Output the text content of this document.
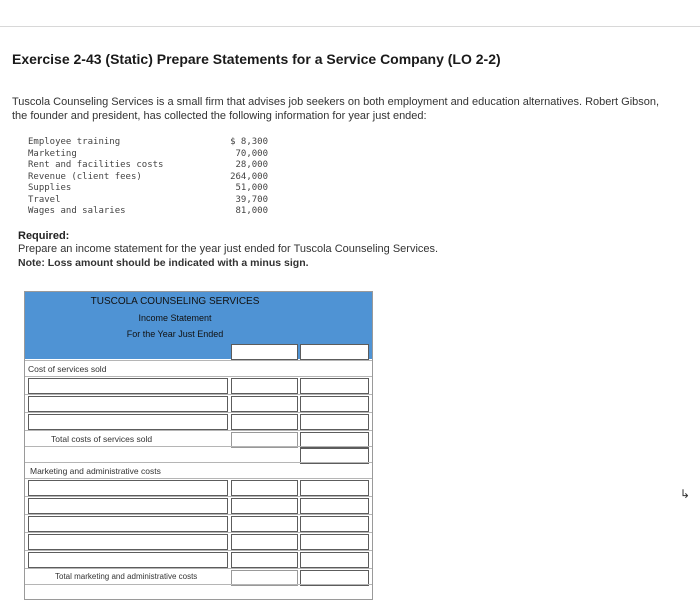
Exercise 2-43 (Static) Prepare Statements for a Service Company (LO 2-2)
Tuscola Counseling Services is a small firm that advises job seekers on both employment and education alternatives. Robert Gibson,
the founder and president, has collected the following information for year just ended:
Employee training	$ 8,300
Marketing	70,000
Rent and facilities costs	28,000
Revenue (client fees)	264,000
Supplies	51,000
Travel	39,700
Wages and salaries	81,000
Required:
Prepare an income statement for the year just ended for Tuscola Counseling Services.
Note: Loss amount should be indicated with a minus sign.
TUSCOLA COUNSELING SERVICES
Income Statement
For the Year Just Ended
Cost of services sold
Total costs of services sold
Marketing and administrative costs
Total marketing and administrative costs
↳
